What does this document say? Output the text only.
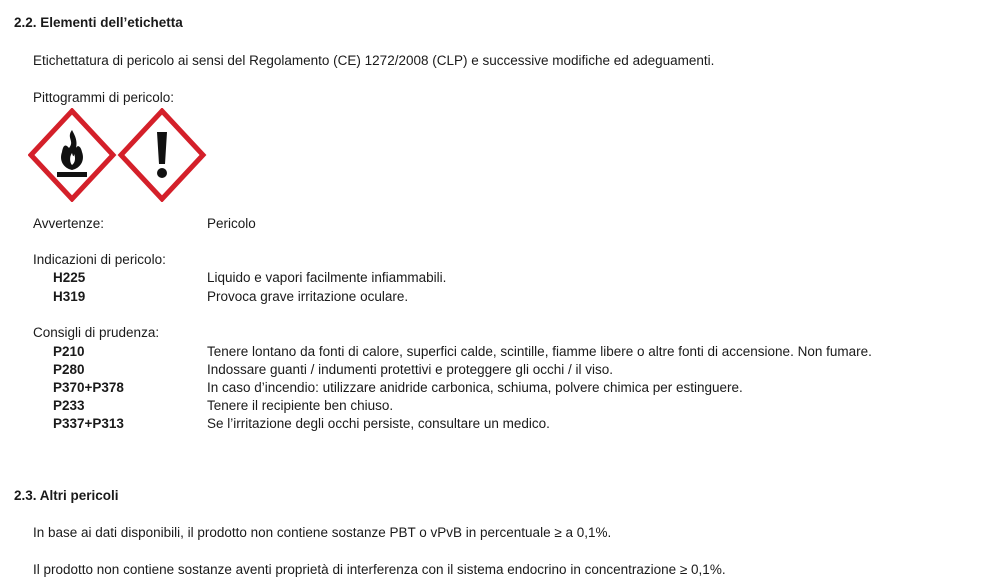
2.2. Elementi dell’etichetta
Etichettatura di pericolo ai sensi del Regolamento (CE) 1272/2008 (CLP) e successive modifiche ed adeguamenti.
Pittogrammi di pericolo:
Avvertenze:	Pericolo
Indicazioni di pericolo:
H225	Liquido e vapori facilmente infiammabili.
H319	Provoca grave irritazione oculare.
Consigli di prudenza:
P210	Tenere lontano da fonti di calore, superfici calde, scintille, fiamme libere o altre fonti di accensione. Non fumare.
P280	Indossare guanti / indumenti protettivi e proteggere gli occhi / il viso.
P370+P378	In caso d’incendio: utilizzare anidride carbonica, schiuma, polvere chimica per estinguere.
P233	Tenere il recipiente ben chiuso.
P337+P313	Se l’irritazione degli occhi persiste, consultare un medico.
2.3. Altri pericoli
In base ai dati disponibili, il prodotto non contiene sostanze PBT o vPvB in percentuale ≥ a 0,1%.
Il prodotto non contiene sostanze aventi proprietà di interferenza con il sistema endocrino in concentrazione ≥ 0,1%.
